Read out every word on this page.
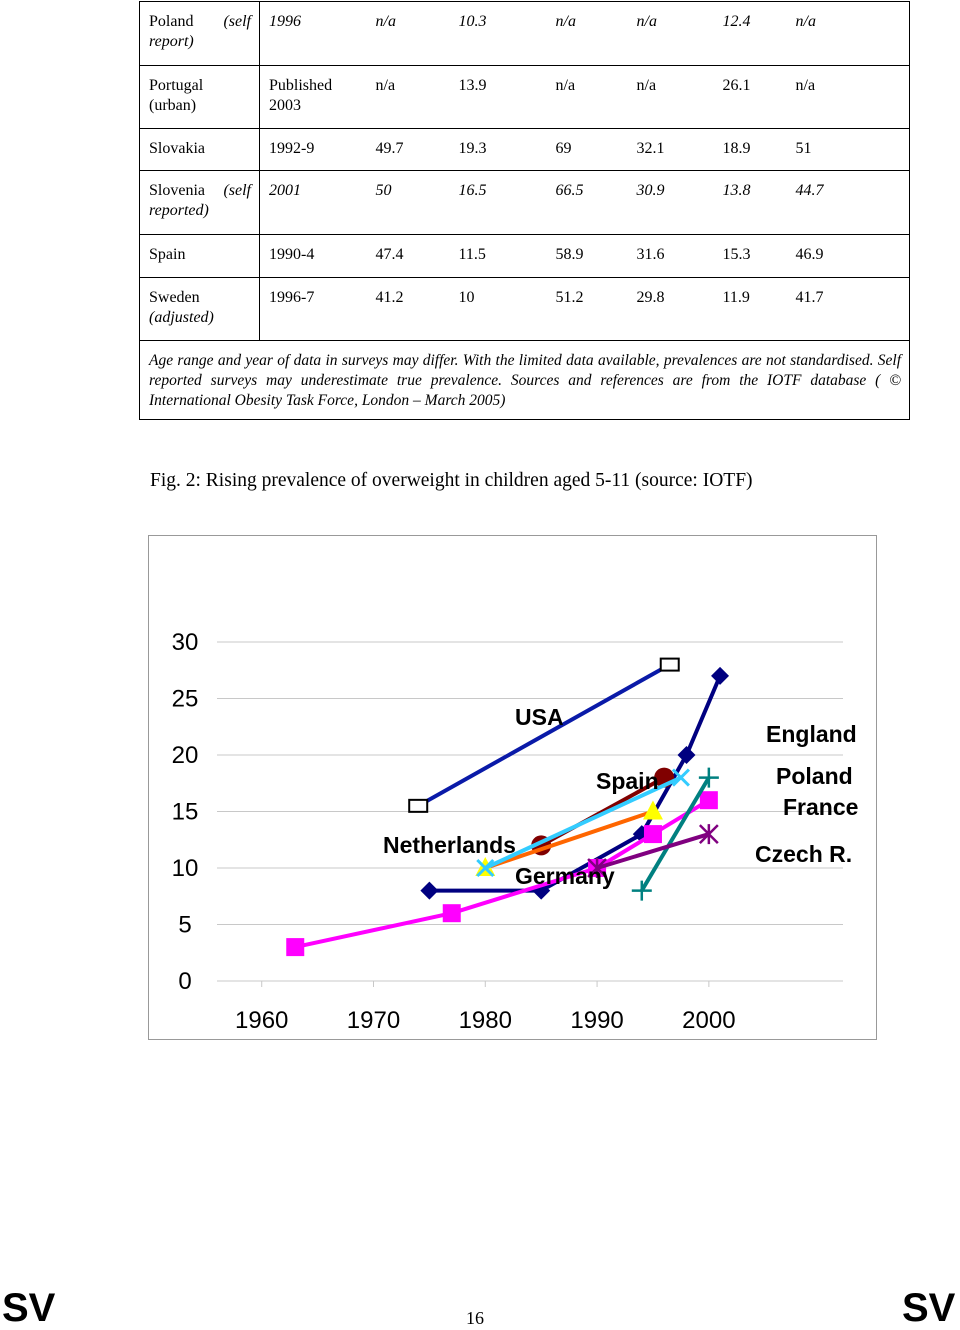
Poland (self
report)	1996	n/a	10.3	n/a	n/a	12.4	n/a

Portugal
(urban)	Published 2003	n/a	13.9	n/a	n/a	26.1	n/a

Slovakia	1992-9	49.7	19.3	69	32.1	18.9	51

Slovenia (self
reported)	2001	50	16.5	66.5	30.9	13.8	44.7

Spain	1990-4	47.4	11.5	58.9	31.6	15.3	46.9

Sweden
(adjusted)	1996-7	41.2	10	51.2	29.8	11.9	41.7
Age range and year of data in surveys may differ. With the limited data available, prevalences are not standardised. Self reported surveys may underestimate true prevalence. Sources and references are from the IOTF database ( © International Obesity Task Force, London – March 2005)							
Fig. 2: Rising prevalence of overweight in children aged 5-11 (source: IOTF)
0
5
10
15
20
25
30
1960 1970 1980 1990 2000
USA
England
Spain	Poland
France
Netherlands
Germany
Czech R.
SV	16	SV
